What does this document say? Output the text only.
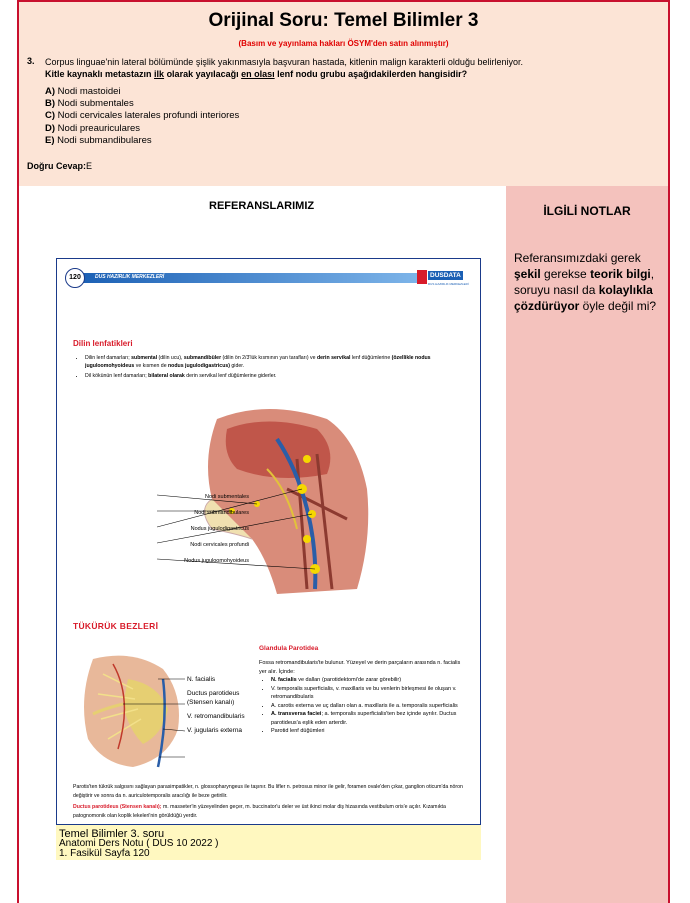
Orijinal Soru: Temel Bilimler 3
(Basım ve yayınlama hakları ÖSYM'den satın alınmıştır)
3. Corpus linguae'nin lateral bölümünde şişlik yakınmasıyla başvuran hastada, kitlenin malign karakterli olduğu belirleniyor.
Kitle kaynaklı metastazın ilk olarak yayılacağı en olası lenf nodu grubu aşağıdakilerden hangisidir?
A) Nodi mastoidei
B) Nodi submentales
C) Nodi cervicales laterales profundi interiores
D) Nodi preauriculares
E) Nodi submandibulares
Doğru Cevap:E
REFERANSLARIMIZ	İLGİLİ NOTLAR
Referansımızdaki gerek şekil gerekse teorik bilgi, soruyu nasıl da kolaylıkla çözdürüyor öyle değil mi?
DUS HAZIRLIK MERKEZLERİ
120	DUSDATA
DUS HAZIRLIK MERKEZLERİ
Dilin lenfatikleri
• Dilin lenf damarları; submental (dilin ucu), submandibüler (dilin ön 2/3'lük kısmının yan tarafları) ve derin servikal lenf düğümlerine (özellikle nodus juguloomohyoideus ve kısmen de nodus jugulodigastricus) gider.
• Dil kökünün lenf damarları; bilateral olarak derin servikal lenf düğümlerine giderler.
Nodi submentales
Nodi submandibulares
Nodus jugulodigastricus
Nodi cervicales profundi
Nodus juguloomohyoideus
TÜKÜRÜK BEZLERİ
N. facialis
Ductus parotideus (Stensen kanalı)
V. retromandibularis
V. jugularis externa
Glandula Parotidea
Fossa retromandibularis'te bulunur. Yüzeyel ve derin parçaların arasında n. facialis yer alır. İçinde:
• N. facialis ve dalları (parotidektomi'de zarar görebilir)
• V. temporalis superficialis, v. maxillaris ve bu venlerin birleşmesi ile oluşan v. retromandibularis
• A. carotis externa ve uç dalları olan a. maxillaris ile a. temporalis superficialis
• A. transversa faciei; a. temporalis superficialis'ten bez içinde ayrılır. Ductus parotideus'a eşlik eden arterdir.
• Parotid lenf düğümleri
Parotis'ten tükrük salgısını sağlayan parasimpatikler, n. glossopharyngeus ile taşınır. Bu lifler n. petrosus minor ile gelir, foramen ovale'den çıkar, ganglion oticum'da nöron değiştirir ve sonra da n. auriculotemporalis aracılığı ile beze getirilir.
Ductus parotideus (Stensen kanalı); m. masseter'in yüzeyelinden geçer, m. buccinator'u deler ve üst ikinci molar diş hizasında vestibulum oris'e açılır. Kızamıkta patognomonik olan koplik lekeleri'nin görüldüğü yerdir.
Temel Bilimler 3. soru
Anatomi Ders Notu ( DUS 10 2022 )
1. Fasikül Sayfa 120
